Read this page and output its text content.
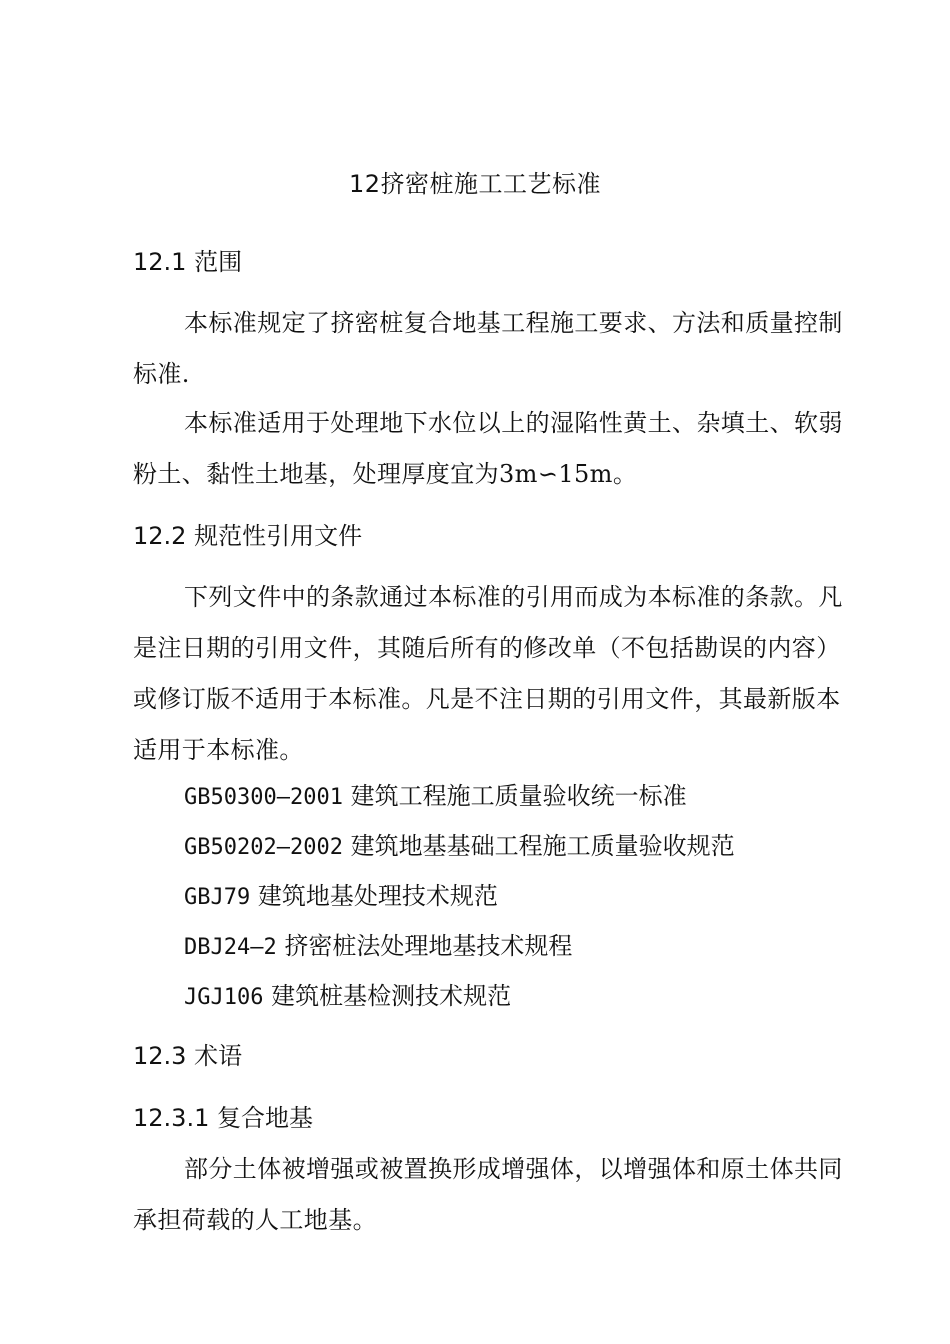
12挤密桩施工工艺标准
12.1 范围

本标准规定了挤密桩复合地基工程施工要求、方法和质量控制标准.

本标准适用于处理地下水位以上的湿陷性黄土、杂填土、软弱粉土、黏性土地基，处理厚度宜为3m∽15m。

12.2 规范性引用文件

下列文件中的条款通过本标准的引用而成为本标准的条款。凡是注日期的引用文件，其随后所有的修改单（不包括勘误的内容）或修订版不适用于本标准。凡是不注日期的引用文件，其最新版本适用于本标准。

GB50300—2001 建筑工程施工质量验收统一标准
GB50202—2002 建筑地基基础工程施工质量验收规范
GBJ79 建筑地基处理技术规范
DBJ24—2 挤密桩法处理地基技术规程
JGJ106 建筑桩基检测技术规范
12.3 术语
12.3.1 复合地基

部分土体被增强或被置换形成增强体，以增强体和原土体共同承担荷载的人工地基。
